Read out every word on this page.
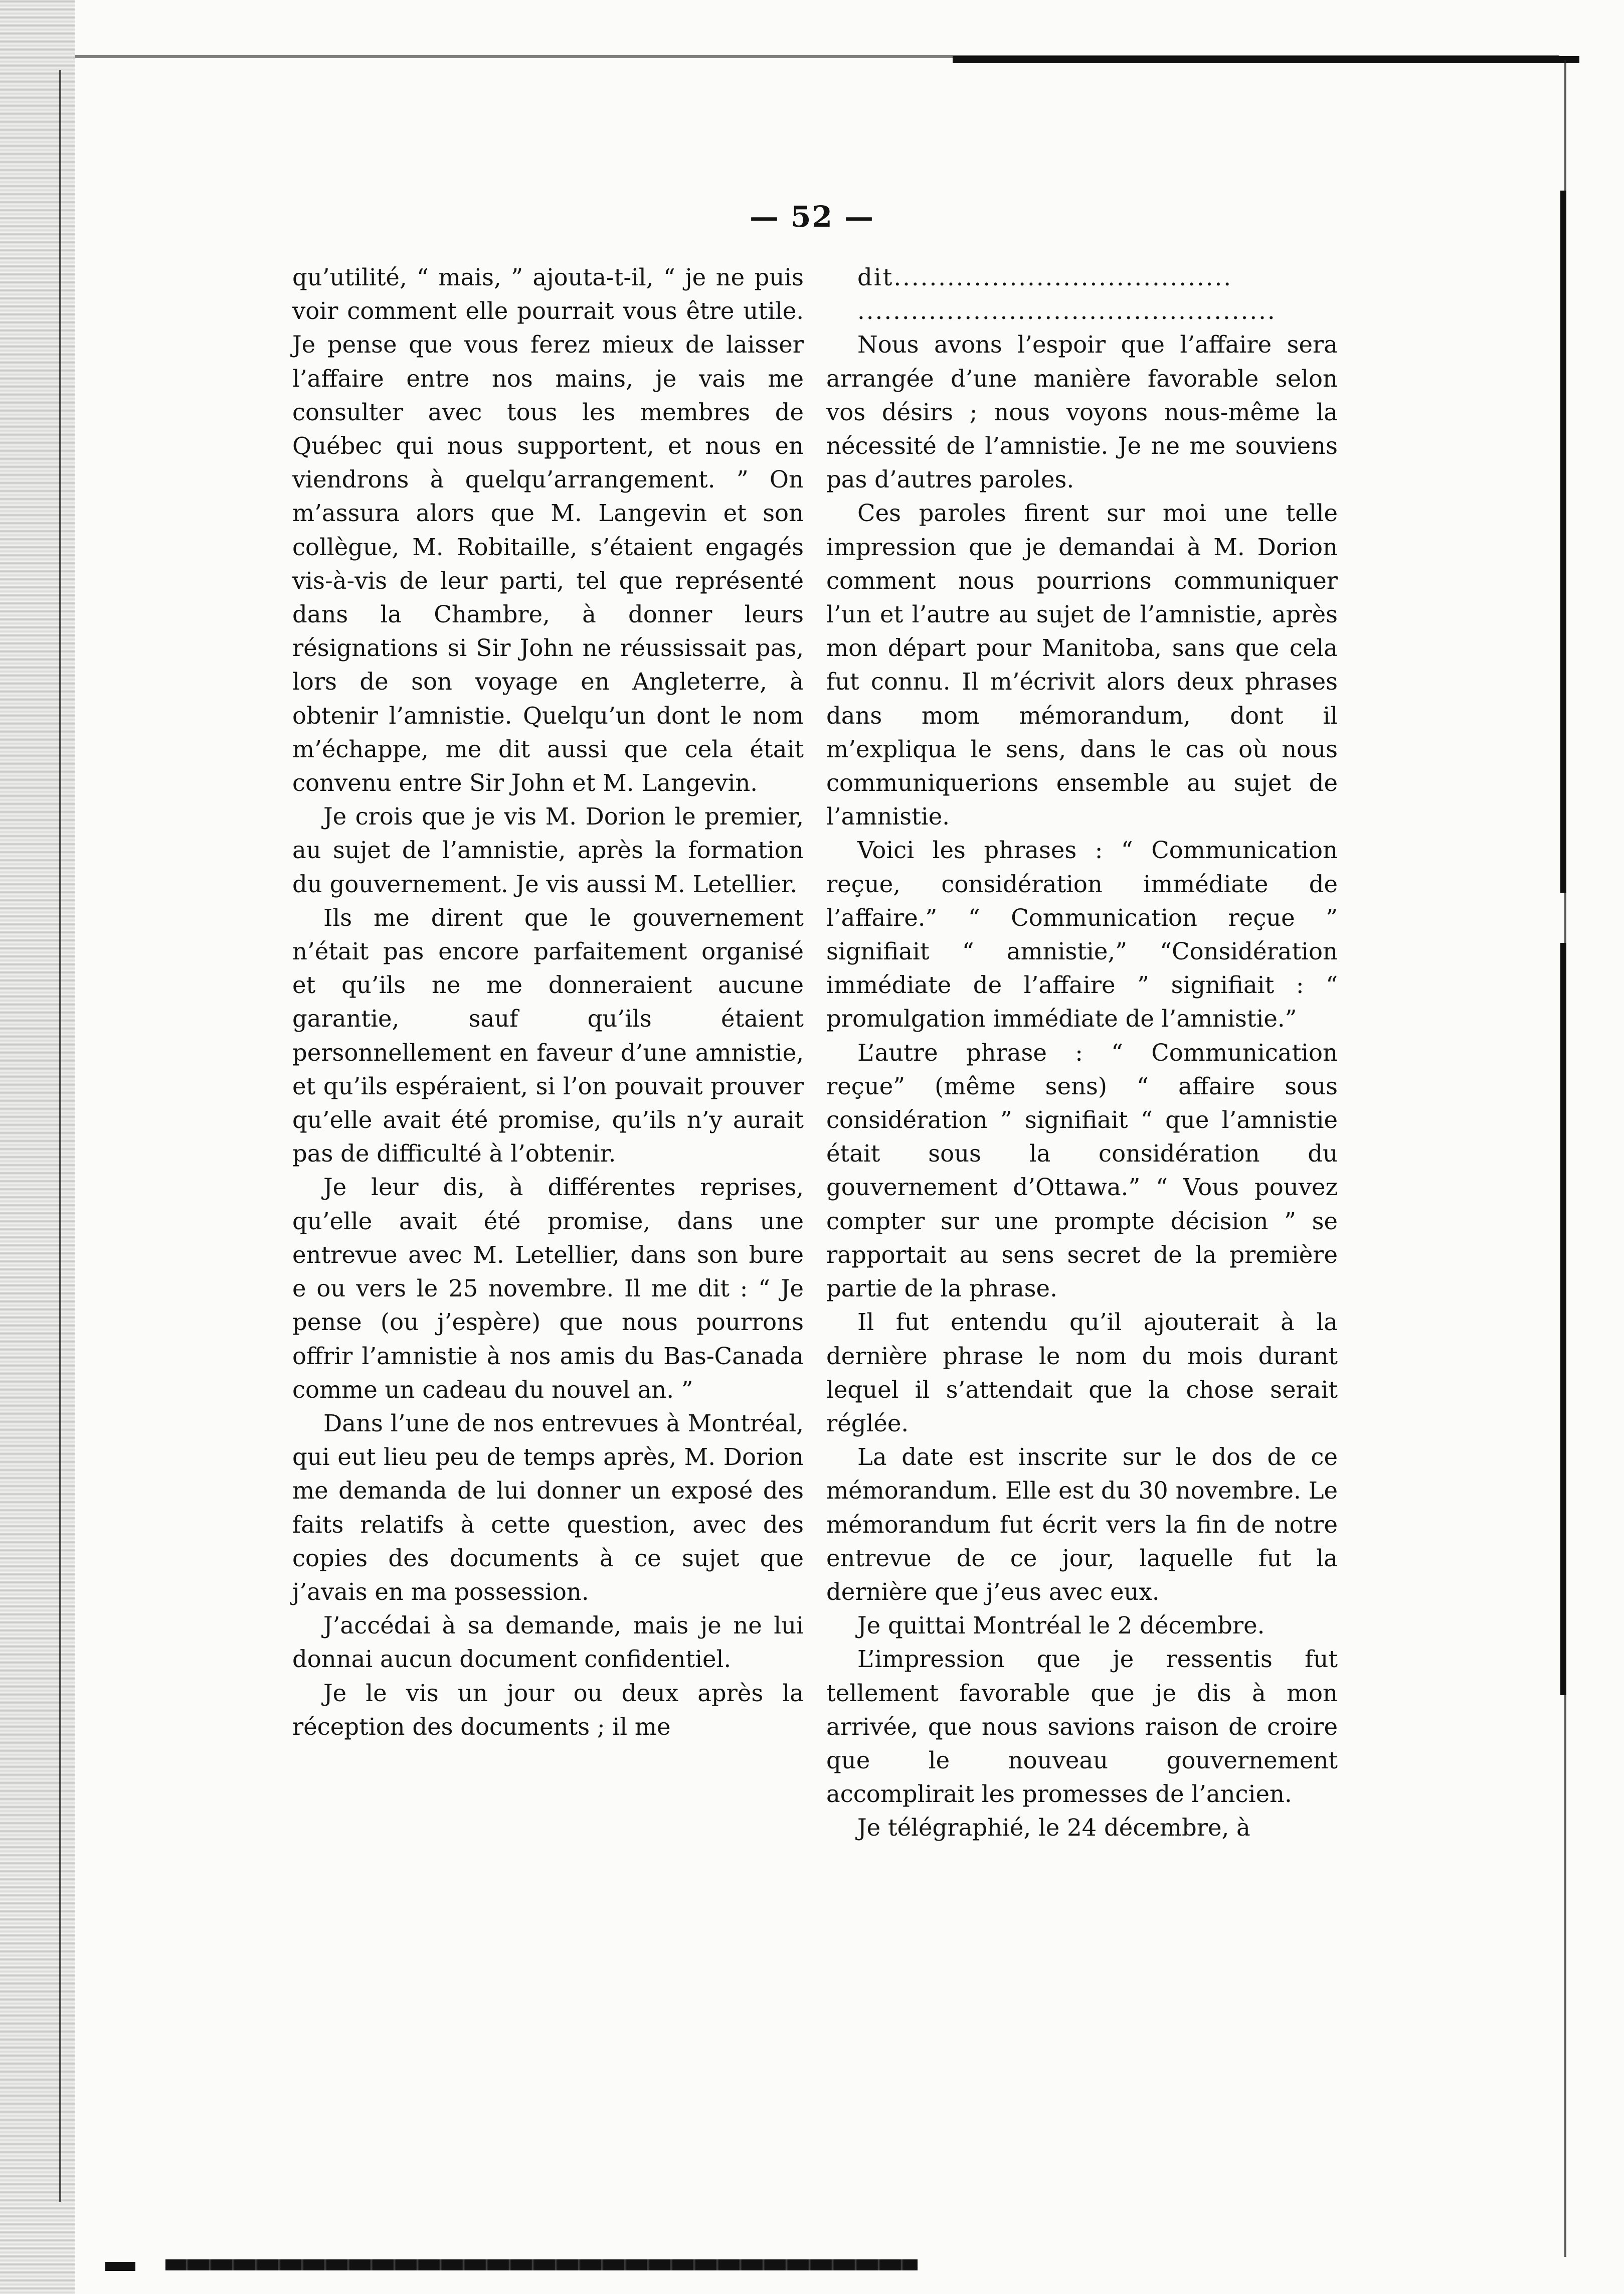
— 52 —

qu’utilité, “ mais, ” ajouta-t-il, “ je ne puis voir comment elle pourrait vous être utile. Je pense que vous ferez mieux de laisser l’affaire entre nos mains, je vais me consulter avec tous les membres de Québec qui nous supportent, et nous en viendrons à quelqu’arrangement. ” On m’assura alors que M. Langevin et son collègue, M. Robitaille, s’étaient engagés vis-à-vis de leur parti, tel que représenté dans la Chambre, à donner leurs résignations si Sir John ne réussissait pas, lors de son voyage en Angleterre, à obtenir l’amnistie. Quelqu’un dont le nom m’échappe, me dit aussi que cela était convenu entre Sir John et M. Langevin.

Je crois que je vis M. Dorion le premier, au sujet de l’amnistie, après la formation du gouvernement. Je vis aussi M. Letellier.

Ils me dirent que le gouvernement n’était pas encore parfaitement organisé et qu’ils ne me donneraient aucune garantie, sauf qu’ils étaient personnellement en faveur d’une amnistie, et qu’ils espéraient, si l’on pouvait prouver qu’elle avait été promise, qu’ils n’y aurait pas de difficulté à l’obtenir.

Je leur dis, à différentes reprises, qu’elle avait été promise, dans une entrevue avec M. Letellier, dans son bure e ou vers le 25 novembre. Il me dit : “ Je pense (ou j’espère) que nous pourrons offrir l’amnistie à nos amis du Bas-Canada comme un cadeau du nouvel an. ”

Dans l’une de nos entrevues à Montréal, qui eut lieu peu de temps après, M. Dorion me demanda de lui donner un exposé des faits relatifs à cette question, avec des copies des documents à ce sujet que j’avais en ma possession.

J’accédai à sa demande, mais je ne lui donnai aucun document confidentiel.

Je le vis un jour ou deux après la réception des documents ; il me

dit......................................

...............................................

Nous avons l’espoir que l’affaire sera arrangée d’une manière favorable selon vos désirs ; nous voyons nous-même la nécessité de l’amnistie. Je ne me souviens pas d’autres paroles.

Ces paroles firent sur moi une telle impression que je demandai à M. Dorion comment nous pourrions communiquer l’un et l’autre au sujet de l’amnistie, après mon départ pour Manitoba, sans que cela fut connu. Il m’écrivit alors deux phrases dans mom mémorandum, dont il m’expliqua le sens, dans le cas où nous communiquerions ensemble au sujet de l’amnistie.

Voici les phrases : “ Communication reçue, considération immédiate de l’affaire.” “ Communication reçue ” signifiait “ amnistie,” “Considération immédiate de l’affaire ” signifiait : “ promulgation immédiate de l’amnistie.”

L’autre phrase : “ Communication reçue” (même sens) “ affaire sous considération ” signifiait “ que l’amnistie était sous la considération du gouvernement d’Ottawa.” “ Vous pouvez compter sur une prompte décision ” se rapportait au sens secret de la première partie de la phrase.

Il fut entendu qu’il ajouterait à la dernière phrase le nom du mois durant lequel il s’attendait que la chose serait réglée.

La date est inscrite sur le dos de ce mémorandum. Elle est du 30 novembre. Le mémorandum fut écrit vers la fin de notre entrevue de ce jour, laquelle fut la dernière que j’eus avec eux.

Je quittai Montréal le 2 décembre.

L’impression que je ressentis fut tellement favorable que je dis à mon arrivée, que nous savions raison de croire que le nouveau gouvernement accomplirait les promesses de l’ancien.

Je télégraphié, le 24 décembre, à
